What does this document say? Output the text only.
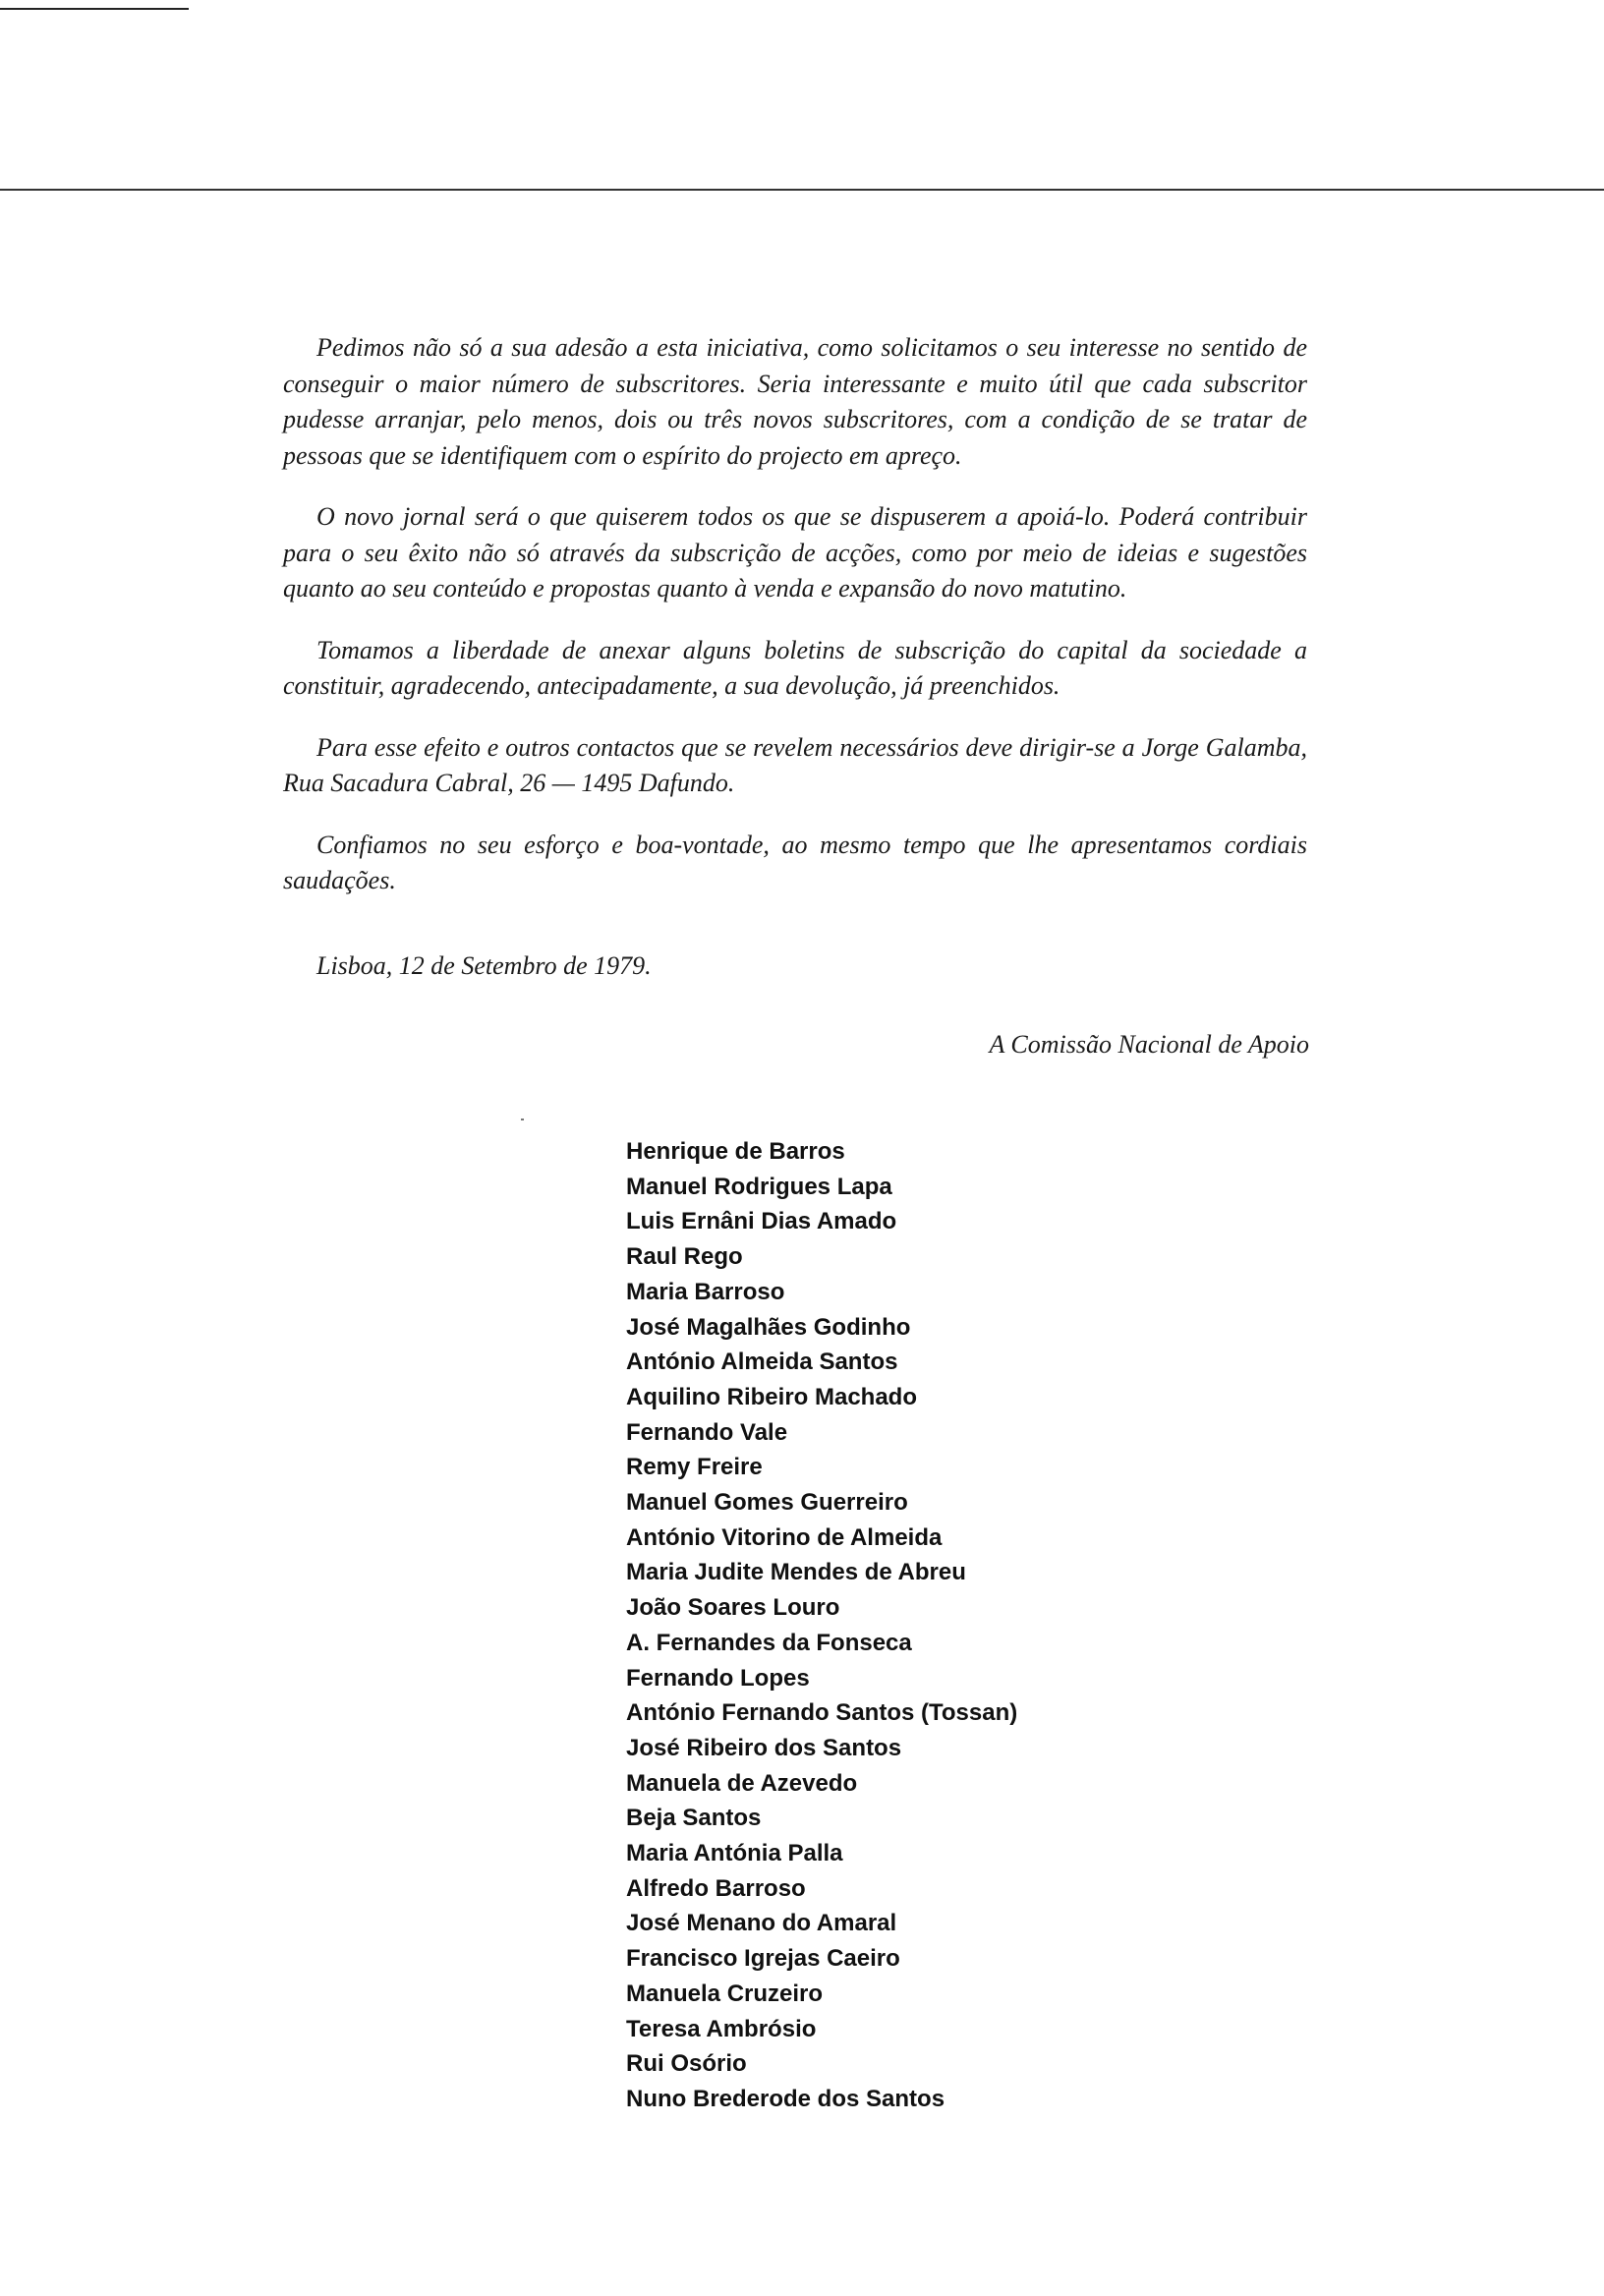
Pedimos não só a sua adesão a esta iniciativa, como solicitamos o seu interesse no sentido de conseguir o maior número de subscritores. Seria interessante e muito útil que cada subscritor pudesse arranjar, pelo menos, dois ou três novos subscritores, com a condição de se tratar de pessoas que se identifiquem com o espírito do projecto em apreço.

O novo jornal será o que quiserem todos os que se dispuserem a apoiá-lo. Poderá contribuir para o seu êxito não só através da subscrição de acções, como por meio de ideias e sugestões quanto ao seu conteúdo e propostas quanto à venda e expansão do novo matutino.

Tomamos a liberdade de anexar alguns boletins de subscrição do capital da sociedade a constituir, agradecendo, antecipadamente, a sua devolução, já preenchidos.

Para esse efeito e outros contactos que se revelem necessários deve dirigir-se a Jorge Galamba, Rua Sacadura Cabral, 26 — 1495 Dafundo.

Confiamos no seu esforço e boa-vontade, ao mesmo tempo que lhe apresentamos cordiais saudações.

Lisboa, 12 de Setembro de 1979.
A Comissão Nacional de Apoio
Henrique de Barros
Manuel Rodrigues Lapa
Luis Ernâni Dias Amado
Raul Rego
Maria Barroso
José Magalhães Godinho
António Almeida Santos
Aquilino Ribeiro Machado
Fernando Vale
Remy Freire
Manuel Gomes Guerreiro
António Vitorino de Almeida
Maria Judite Mendes de Abreu
João Soares Louro
A. Fernandes da Fonseca
Fernando Lopes
António Fernando Santos (Tossan)
José Ribeiro dos Santos
Manuela de Azevedo
Beja Santos
Maria Antónia Palla
Alfredo Barroso
José Menano do Amaral
Francisco Igrejas Caeiro
Manuela Cruzeiro
Teresa Ambrósio
Rui Osório
Nuno Brederode dos Santos
